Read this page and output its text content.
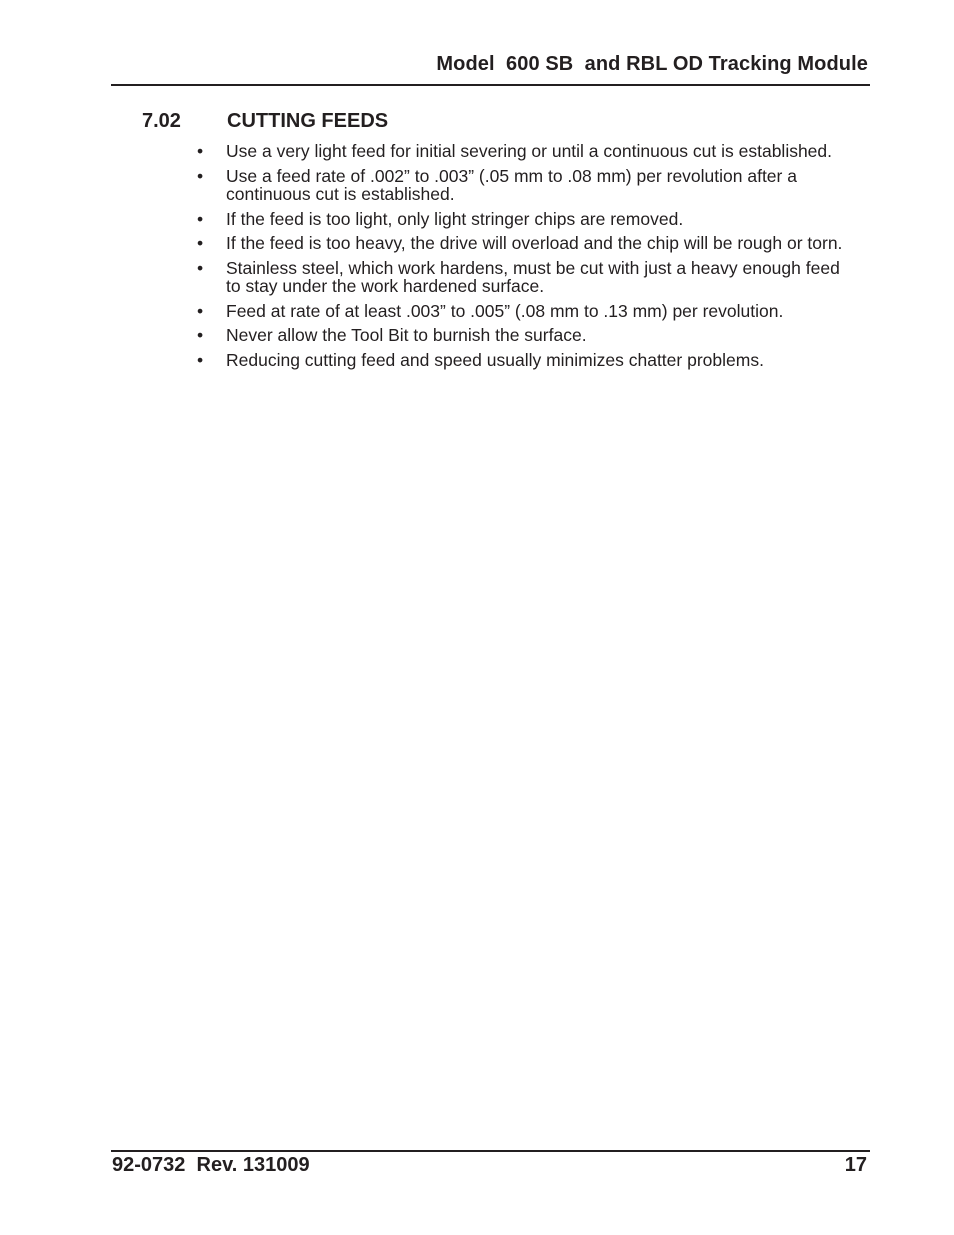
Model  600 SB  and RBL OD Tracking Module
7.02 CUTTING FEEDS
• Use a very light feed for initial severing or until a continuous cut is established.
• Use a feed rate of .002” to .003” (.05 mm to .08 mm) per revolution after a continuous cut is established.
• If the feed is too light, only light stringer chips are removed.
• If the feed is too heavy, the drive will overload and the chip will be rough or torn.
• Stainless steel, which work hardens, must be cut with just a heavy enough feed to stay under the work hardened surface.
• Feed at rate of at least .003” to .005” (.08 mm to .13 mm) per revolution.
• Never allow the Tool Bit to burnish the surface.
• Reducing cutting feed and speed usually minimizes chatter problems.
92-0732  Rev. 131009	17
